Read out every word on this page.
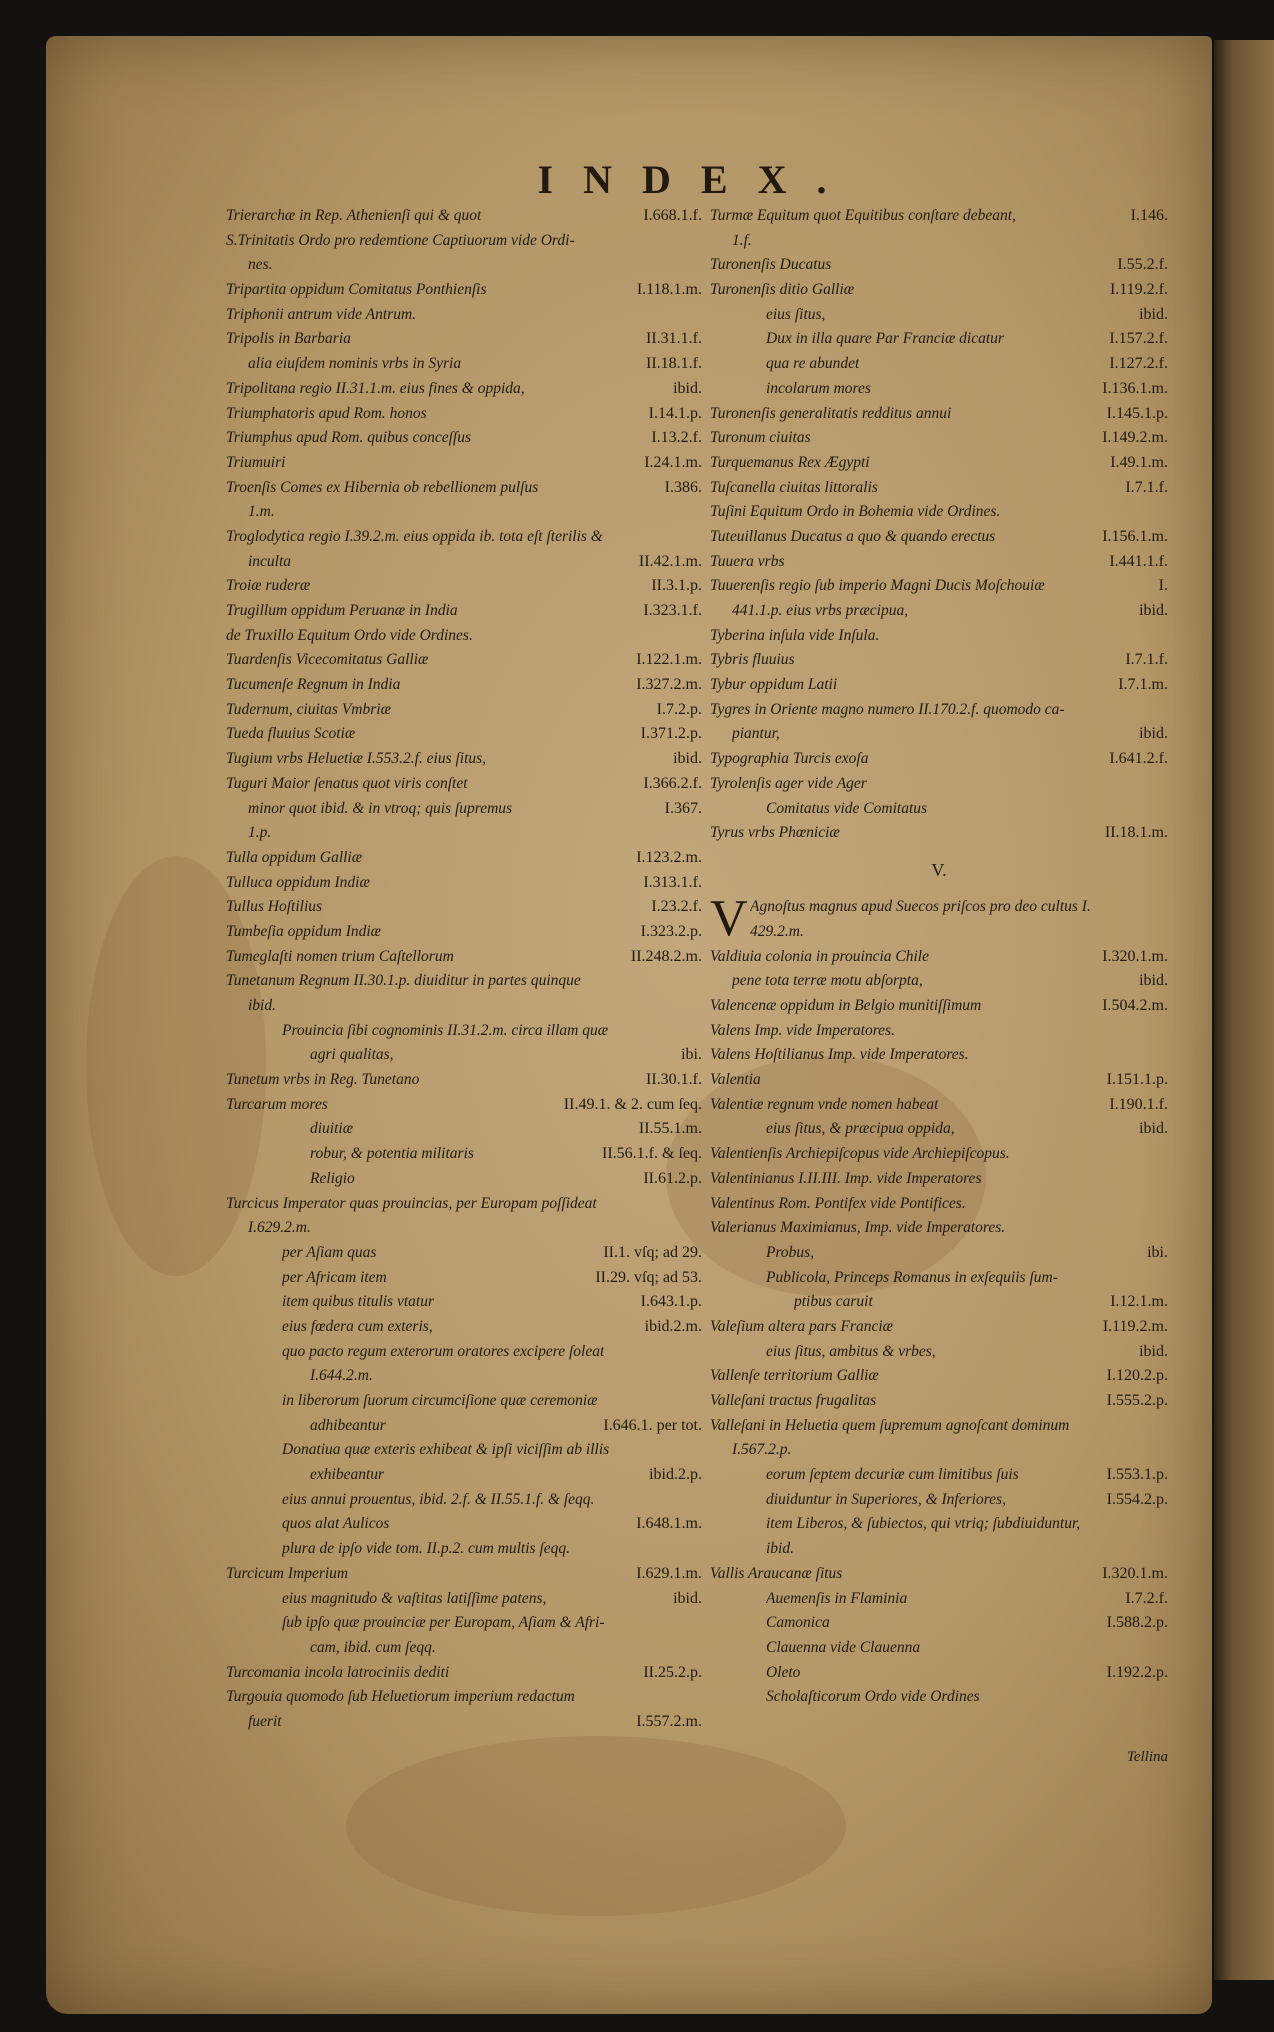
INDEX.
Trierarchæ in Rep. Athenienſi qui & quot	I.668.1.f.
S.Trinitatis Ordo pro redemtione Captiuorum vide Ordi-
nes.
Tripartita oppidum Comitatus Ponthienſis	I.118.1.m.
Triphonii antrum vide Antrum.
Tripolis in Barbaria	II.31.1.f.
alia eiuſdem nominis vrbs in Syria	II.18.1.f.
Tripolitana regio II.31.1.m. eius fines & oppida,	ibid.
Triumphatoris apud Rom. honos	I.14.1.p.
Triumphus apud Rom. quibus conceſſus	I.13.2.f.
Triumuiri	I.24.1.m.
Troenſis Comes ex Hibernia ob rebellionem pulſus	I.386.
1.m.
Troglodytica regio I.39.2.m. eius oppida ib. tota eſt ſterilis &
inculta	II.42.1.m.
Troiæ ruderæ	II.3.1.p.
Trugillum oppidum Peruanæ in India	I.323.1.f.
de Truxillo Equitum Ordo vide Ordines.
Tuardenſis Vicecomitatus Galliæ	I.122.1.m.
Tucumenſe Regnum in India	I.327.2.m.
Tudernum, ciuitas Vmbriæ	I.7.2.p.
Tueda fluuius Scotiæ	I.371.2.p.
Tugium vrbs Heluetiæ I.553.2.f. eius ſitus,	ibid.
Tuguri Maior ſenatus quot viris conſtet	I.366.2.f.
minor quot ibid. & in vtroq; quis ſupremus	I.367.
1.p.
Tulla oppidum Galliæ	I.123.2.m.
Tulluca oppidum Indiæ	I.313.1.f.
Tullus Hoſtilius	I.23.2.f.
Tumbeſia oppidum Indiæ	I.323.2.p.
Tumeglaſti nomen trium Caſtellorum	II.248.2.m.
Tunetanum Regnum II.30.1.p. diuiditur in partes quinque
ibid.
Prouincia ſibi cognominis II.31.2.m. circa illam quæ
agri qualitas,	ibi.
Tunetum vrbs in Reg. Tunetano	II.30.1.f.
Turcarum mores	II.49.1. & 2. cum ſeq.
diuitiæ	II.55.1.m.
robur, & potentia militaris	II.56.1.f. & ſeq.
Religio	II.61.2.p.
Turcicus Imperator quas prouincias, per Europam poſſideat
I.629.2.m.
per Aſiam quas	II.1. vſq; ad 29.
per Africam item	II.29. vſq; ad 53.
item quibus titulis vtatur	I.643.1.p.
eius fœdera cum exteris,	ibid.2.m.
quo pacto regum exterorum oratores excipere ſoleat
I.644.2.m.
in liberorum ſuorum circumciſione quæ ceremoniæ
adhibeantur	I.646.1. per tot.
Donatiua quæ exteris exhibeat & ipſi viciſſim ab illis
exhibeantur	ibid.2.p.
eius annui prouentus, ibid. 2.f. & II.55.1.f. & ſeqq.
quos alat Aulicos	I.648.1.m.
plura de ipſo vide tom. II.p.2. cum multis ſeqq.
Turcicum Imperium	I.629.1.m.
eius magnitudo & vaſtitas latiſſime patens,	ibid.
ſub ipſo quæ prouinciæ per Europam, Aſiam & Afri-
cam, ibid. cum ſeqq.
Turcomania incola latrociniis dediti	II.25.2.p.
Turgouia quomodo ſub Heluetiorum imperium redactum
fuerit	I.557.2.m.
Turmæ Equitum quot Equitibus conſtare debeant,	I.146.
1.f.
Turonenſis Ducatus	I.55.2.f.
Turonenſis ditio Galliæ	I.119.2.f.
eius ſitus,	ibid.
Dux in illa quare Par Franciæ dicatur	I.157.2.f.
qua re abundet	I.127.2.f.
incolarum mores	I.136.1.m.
Turonenſis generalitatis redditus annui	I.145.1.p.
Turonum ciuitas	I.149.2.m.
Turquemanus Rex Ægypti	I.49.1.m.
Tuſcanella ciuitas littoralis	I.7.1.f.
Tuſini Equitum Ordo in Bohemia vide Ordines.
Tuteuillanus Ducatus a quo & quando erectus	I.156.1.m.
Tuuera vrbs	I.441.1.f.
Tuuerenſis regio ſub imperio Magni Ducis Moſchouiæ	I.
441.1.p. eius vrbs præcipua,	ibid.
Tyberina inſula vide Inſula.
Tybris fluuius	I.7.1.f.
Tybur oppidum Latii	I.7.1.m.
Tygres in Oriente magno numero II.170.2.f. quomodo ca-
piantur,	ibid.
Typographia Turcis exoſa	I.641.2.f.
Tyrolenſis ager vide Ager
Comitatus vide Comitatus
Tyrus vrbs Phœniciæ	II.18.1.m.
V.
V Agnoſtus magnus apud Suecos priſcos pro deo cultus I.
429.2.m.
Valdiuia colonia in prouincia Chile	I.320.1.m.
pene tota terræ motu abſorpta,	ibid.
Valencenæ oppidum in Belgio munitiſſimum	I.504.2.m.
Valens Imp. vide Imperatores.
Valens Hoſtilianus Imp. vide Imperatores.
Valentia	I.151.1.p.
Valentiæ regnum vnde nomen habeat	I.190.1.f.
eius ſitus, & præcipua oppida,	ibid.
Valentienſis Archiepiſcopus vide Archiepiſcopus.
Valentinianus I.II.III. Imp. vide Imperatores
Valentinus Rom. Pontifex vide Pontifices.
Valerianus Maximianus, Imp. vide Imperatores.
Probus,	ibi.
Publicola, Princeps Romanus in exſequiis ſum-
ptibus caruit	I.12.1.m.
Valeſium altera pars Franciæ	I.119.2.m.
eius ſitus, ambitus & vrbes,	ibid.
Vallenſe territorium Galliæ	I.120.2.p.
Valleſani tractus frugalitas	I.555.2.p.
Valleſani in Heluetia quem ſupremum agnoſcant dominum
I.567.2.p.
eorum ſeptem decuriæ cum limitibus ſuis	I.553.1.p.
diuiduntur in Superiores, & Inferiores,	I.554.2.p.
item Liberos, & ſubiectos, qui vtriq; ſubdiuiduntur,
ibid.
Vallis Araucanæ ſitus	I.320.1.m.
Auemenſis in Flaminia	I.7.2.f.
Camonica	I.588.2.p.
Clauenna vide Clauenna
Oleto	I.192.2.p.
Scholaſticorum Ordo vide Ordines
Tellina
